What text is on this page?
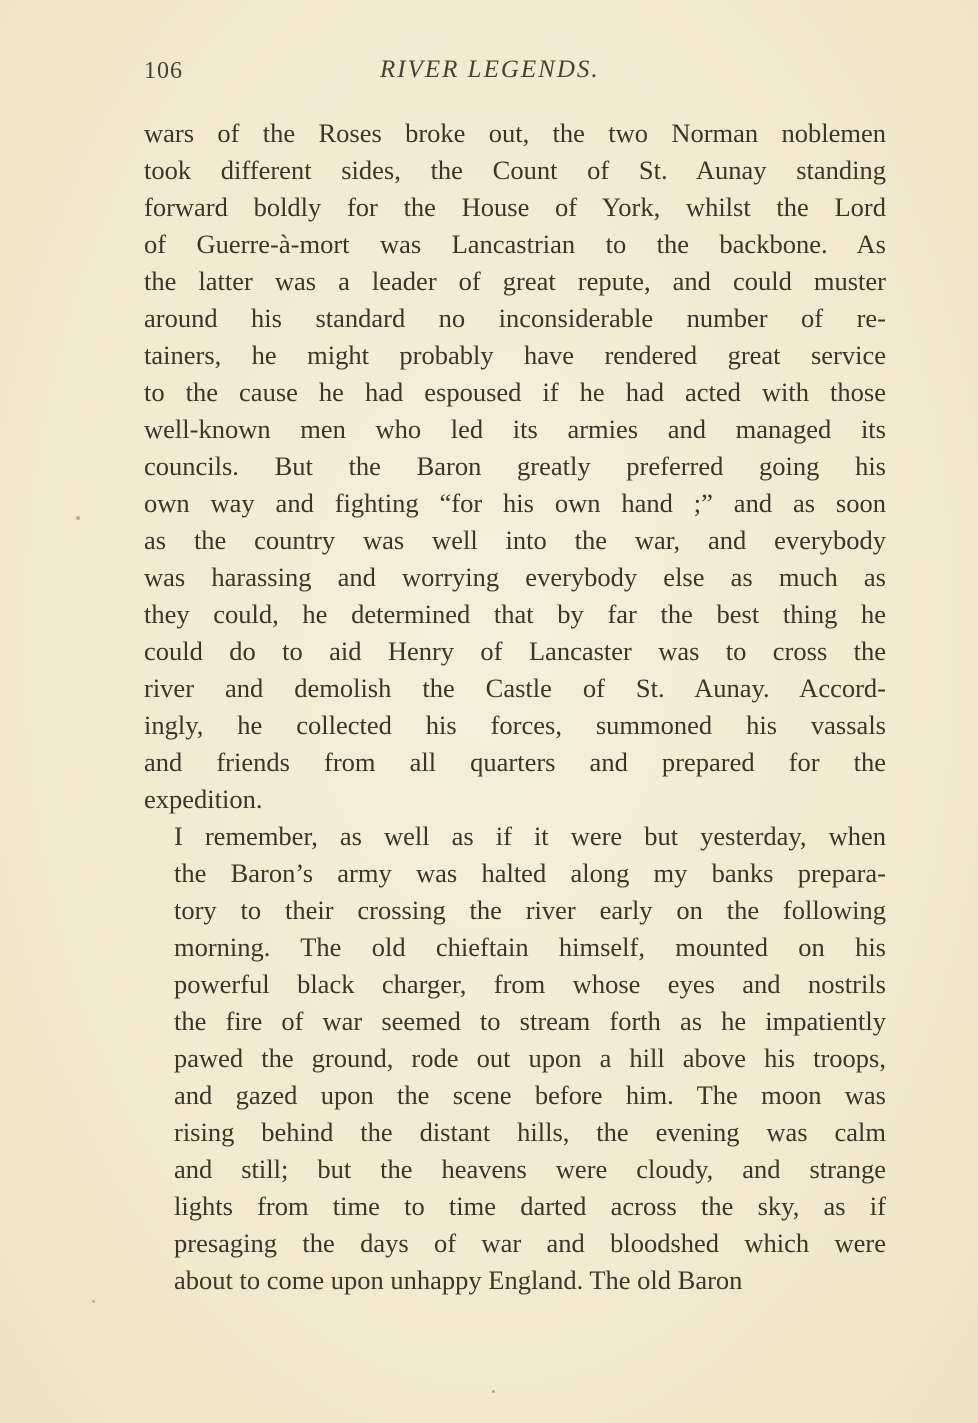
106	RIVER LEGENDS.

wars of the Roses broke out, the two Norman noblemen
took different sides, the Count of St. Aunay standing
forward boldly for the House of York, whilst the Lord
of Guerre-à-mort was Lancastrian to the backbone. As
the latter was a leader of great repute, and could muster
around his standard no inconsiderable number of re-
tainers, he might probably have rendered great service
to the cause he had espoused if he had acted with those
well-known men who led its armies and managed its
councils. But the Baron greatly preferred going his
own way and fighting “for his own hand ;” and as soon
as the country was well into the war, and everybody
was harassing and worrying everybody else as much as
they could, he determined that by far the best thing he
could do to aid Henry of Lancaster was to cross the
river and demolish the Castle of St. Aunay. Accord-
ingly, he collected his forces, summoned his vassals
and friends from all quarters and prepared for the
expedition.

I remember, as well as if it were but yesterday, when
the Baron’s army was halted along my banks prepara-
tory to their crossing the river early on the following
morning. The old chieftain himself, mounted on his
powerful black charger, from whose eyes and nostrils
the fire of war seemed to stream forth as he impatiently
pawed the ground, rode out upon a hill above his troops,
and gazed upon the scene before him. The moon was
rising behind the distant hills, the evening was calm
and still; but the heavens were cloudy, and strange
lights from time to time darted across the sky, as if
presaging the days of war and bloodshed which were
about to come upon unhappy England. The old Baron
